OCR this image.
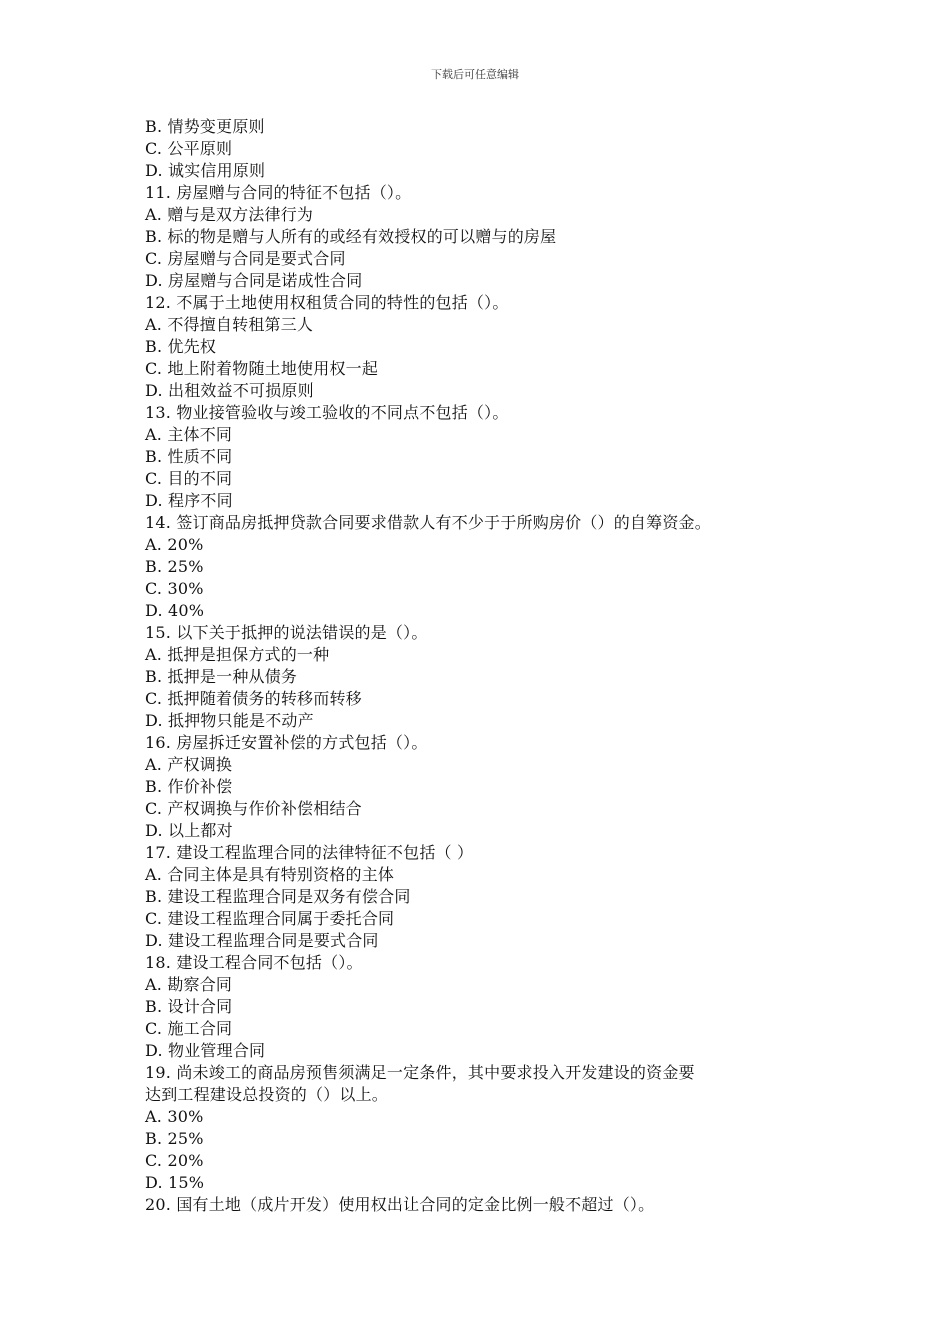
下载后可任意编辑
B. 情势变更原则
C. 公平原则
D. 诚实信用原则
11. 房屋赠与合同的特征不包括（）。
A. 赠与是双方法律行为
B. 标的物是赠与人所有的或经有效授权的可以赠与的房屋
C. 房屋赠与合同是要式合同
D. 房屋赠与合同是诺成性合同
12. 不属于土地使用权租赁合同的特性的包括（）。
A. 不得擅自转租第三人
B. 优先权
C. 地上附着物随土地使用权一起
D. 出租效益不可损原则
13. 物业接管验收与竣工验收的不同点不包括（）。
A. 主体不同
B. 性质不同
C. 目的不同
D. 程序不同
14. 签订商品房抵押贷款合同要求借款人有不少于于所购房价（）的自筹资金。
A. 20%
B. 25%
C. 30%
D. 40%
15. 以下关于抵押的说法错误的是（）。
A. 抵押是担保方式的一种
B. 抵押是一种从债务
C. 抵押随着债务的转移而转移
D. 抵押物只能是不动产
16. 房屋拆迁安置补偿的方式包括（）。
A. 产权调换
B. 作价补偿
C. 产权调换与作价补偿相结合
D. 以上都对
17. 建设工程监理合同的法律特征不包括（ ）
A. 合同主体是具有特别资格的主体
B. 建设工程监理合同是双务有偿合同
C. 建设工程监理合同属于委托合同
D. 建设工程监理合同是要式合同
18. 建设工程合同不包括（）。
A. 勘察合同
B. 设计合同
C. 施工合同
D. 物业管理合同
19. 尚未竣工的商品房预售须满足一定条件，其中要求投入开发建设的资金要
达到工程建设总投资的（）以上。
A. 30%
B. 25%
C. 20%
D. 15%
20. 国有土地（成片开发）使用权出让合同的定金比例一般不超过（）。
